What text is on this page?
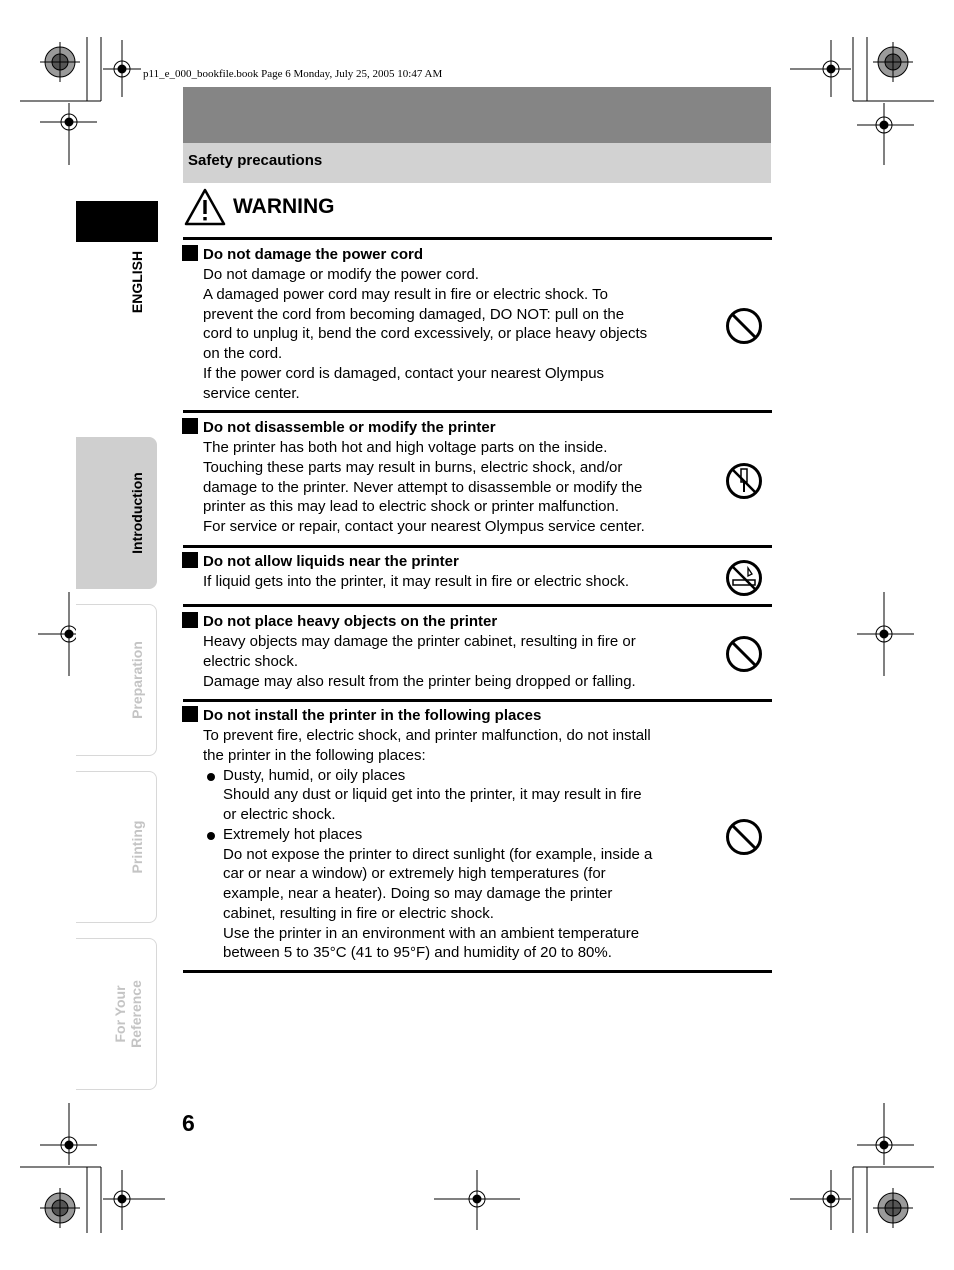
p11_e_000_bookfile.book Page 6 Monday, July 25, 2005 10:47 AM
Safety precautions
ENGLISH
Introduction
Preparation
Printing
For Your Reference
WARNING
Do not damage the power cord
Do not damage or modify the power cord.
A damaged power cord may result in fire or electric shock. To
prevent the cord from becoming damaged, DO NOT: pull on the
cord to unplug it, bend the cord excessively, or place heavy objects
on the cord.
If the power cord is damaged, contact your nearest Olympus
service center.
Do not disassemble or modify the printer
The printer has both hot and high voltage parts on the inside.
Touching these parts may result in burns, electric shock, and/or
damage to the printer. Never attempt to disassemble or modify the
printer as this may lead to electric shock or printer malfunction.
For service or repair, contact your nearest Olympus service center.
Do not allow liquids near the printer
If liquid gets into the printer, it may result in fire or electric shock.
Do not place heavy objects on the printer
Heavy objects may damage the printer cabinet, resulting in fire or
electric shock.
Damage may also result from the printer being dropped or falling.
Do not install the printer in the following places
To prevent fire, electric shock, and printer malfunction, do not install
the printer in the following places:
Dusty, humid, or oily places
Should any dust or liquid get into the printer, it may result in fire
or electric shock.
Extremely hot places
Do not expose the printer to direct sunlight (for example, inside a
car or near a window) or extremely high temperatures (for
example, near a heater). Doing so may damage the printer
cabinet, resulting in fire or electric shock.
Use the printer in an environment with an ambient temperature
between 5 to 35°C (41 to 95°F) and humidity of 20 to 80%.
6
